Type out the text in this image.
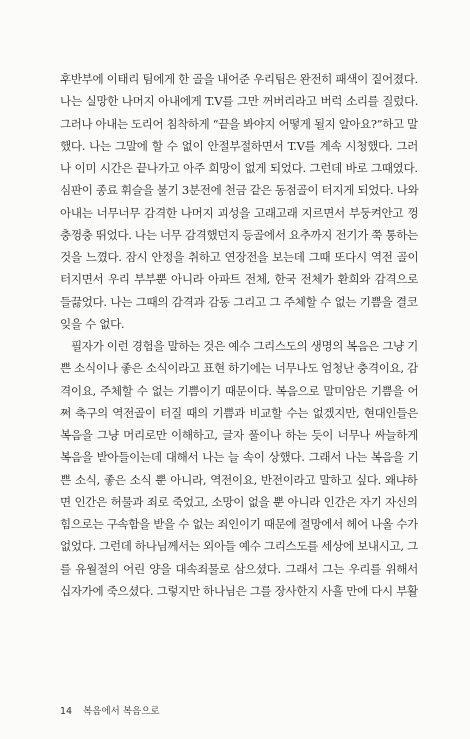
후반부에 이태리 팀에게 한 골을 내어준 우리팀은 완전히 패색이 짙어졌다.
나는 실망한 나머지 아내에게 T.V를 그만 꺼버리라고 버럭 소리를 질렀다.
그러나 아내는 도리어 침착하게 “끝을 봐야지 어떻게 될지 알아요?”하고 말
했다. 나는 그말에 할 수 없이 안절부절하면서 T.V를 계속 시청했다. 그러
나 이미 시간은 끝나가고 아주 희망이 없게 되었다. 그런데 바로 그때였다.
심판이 종료 휘슬을 불기 3분전에 천금 같은 동점골이 터지게 되었다. 나와
아내는 너무너무 감격한 나머지 괴성을 고래고래 지르면서 부둥켜안고 껑
충껑충 뛰었다. 나는 너무 감격했던지 등골에서 요추까지 전기가 쭉 통하는
것을 느꼈다. 잠시 안정을 취하고 연장전을 보는데 그때 또다시 역전 골이
터지면서 우리 부부뿐 아니라 아파트 전체, 한국 전체가 환희와 감격으로
들끓었다. 나는 그때의 감격과 감동 그리고 그 주체할 수 없는 기쁨을 결코
잊을 수 없다.
필자가 이런 경험을 말하는 것은 예수 그리스도의 생명의 복음은 그냥 기
쁜 소식이나 좋은 소식이라고 표현 하기에는 너무나도 엄청난 충격이요, 감
격이요, 주체할 수 없는 기쁨이기 때문이다. 복음으로 말미암은 기쁨을 어
쩌 축구의 역전골이 터질 때의 기쁨과 비교할 수는 없겠지만, 현대인들은
복음을 그냥 머리로만 이해하고, 글자 풀이나 하는 듯이 너무나 싸늘하게
복음을 받아들이는데 대해서 나는 늘 속이 상했다. 그래서 나는 복음을 기
쁜 소식, 좋은 소식 뿐 아니라, 역전이요, 반전이라고 말하고 싶다. 왜냐하
면 인간은 허물과 죄로 죽었고, 소망이 없을 뿐 아니라 인간은 자기 자신의
힘으로는 구속함을 받을 수 없는 죄인이기 때문에 절망에서 헤어 나올 수가
없었다. 그런데 하나님께서는 외아들 예수 그리스도를 세상에 보내시고, 그
를 유월절의 어린 양을 대속죄물로 삼으셨다. 그래서 그는 우리를 위해서
십자가에 죽으셨다. 그렇지만 하나님은 그를 장사한지 사흘 만에 다시 부활
14 복음에서 복음으로
